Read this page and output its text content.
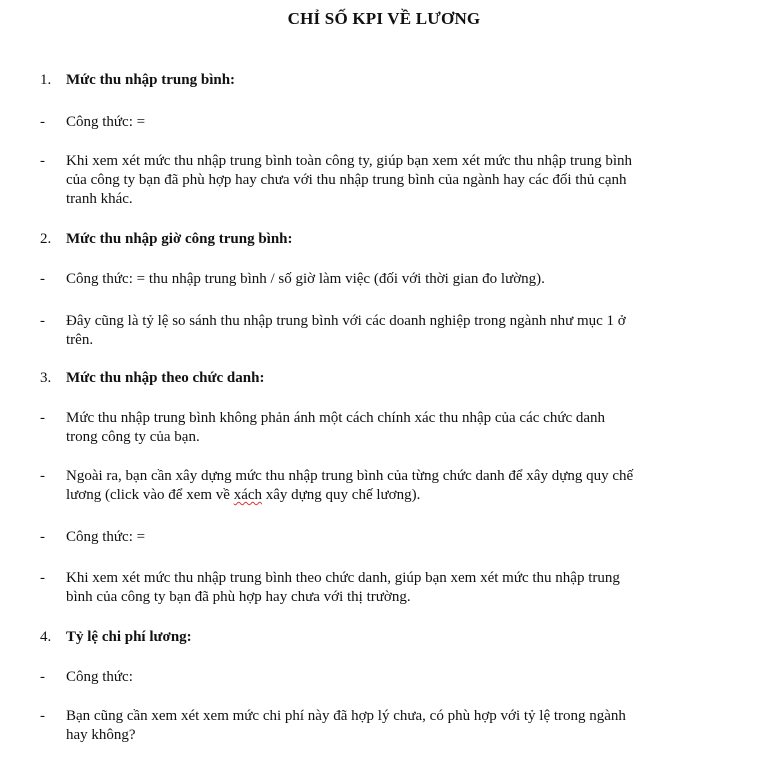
CHỈ SỐ KPI VỀ LƯƠNG
1. Mức thu nhập trung bình:
- Công thức: =
- Khi xem xét mức thu nhập trung bình toàn công ty, giúp bạn xem xét mức thu nhập trung bình
của công ty bạn đã phù hợp hay chưa với thu nhập trung bình của ngành hay các đối thủ cạnh
tranh khác.
2. Mức thu nhập giờ công trung bình:
- Công thức: = thu nhập trung bình / số giờ làm việc (đối với thời gian đo lường).
- Đây cũng là tỷ lệ so sánh thu nhập trung bình với các doanh nghiệp trong ngành như mục 1 ở
trên.
3. Mức thu nhập theo chức danh:
- Mức thu nhập trung bình không phản ánh một cách chính xác thu nhập của các chức danh
trong công ty của bạn.
- Ngoài ra, bạn cần xây dựng mức thu nhập trung bình của từng chức danh để xây dựng quy chế
lương (click vào để xem về xách xây dựng quy chế lương).
- Công thức: =
- Khi xem xét mức thu nhập trung bình theo chức danh, giúp bạn xem xét mức thu nhập trung
bình của công ty bạn đã phù hợp hay chưa với thị trường.
4. Tỷ lệ chi phí lương:
- Công thức:
- Bạn cũng cần xem xét xem mức chi phí này đã hợp lý chưa, có phù hợp với tỷ lệ trong ngành
hay không?
